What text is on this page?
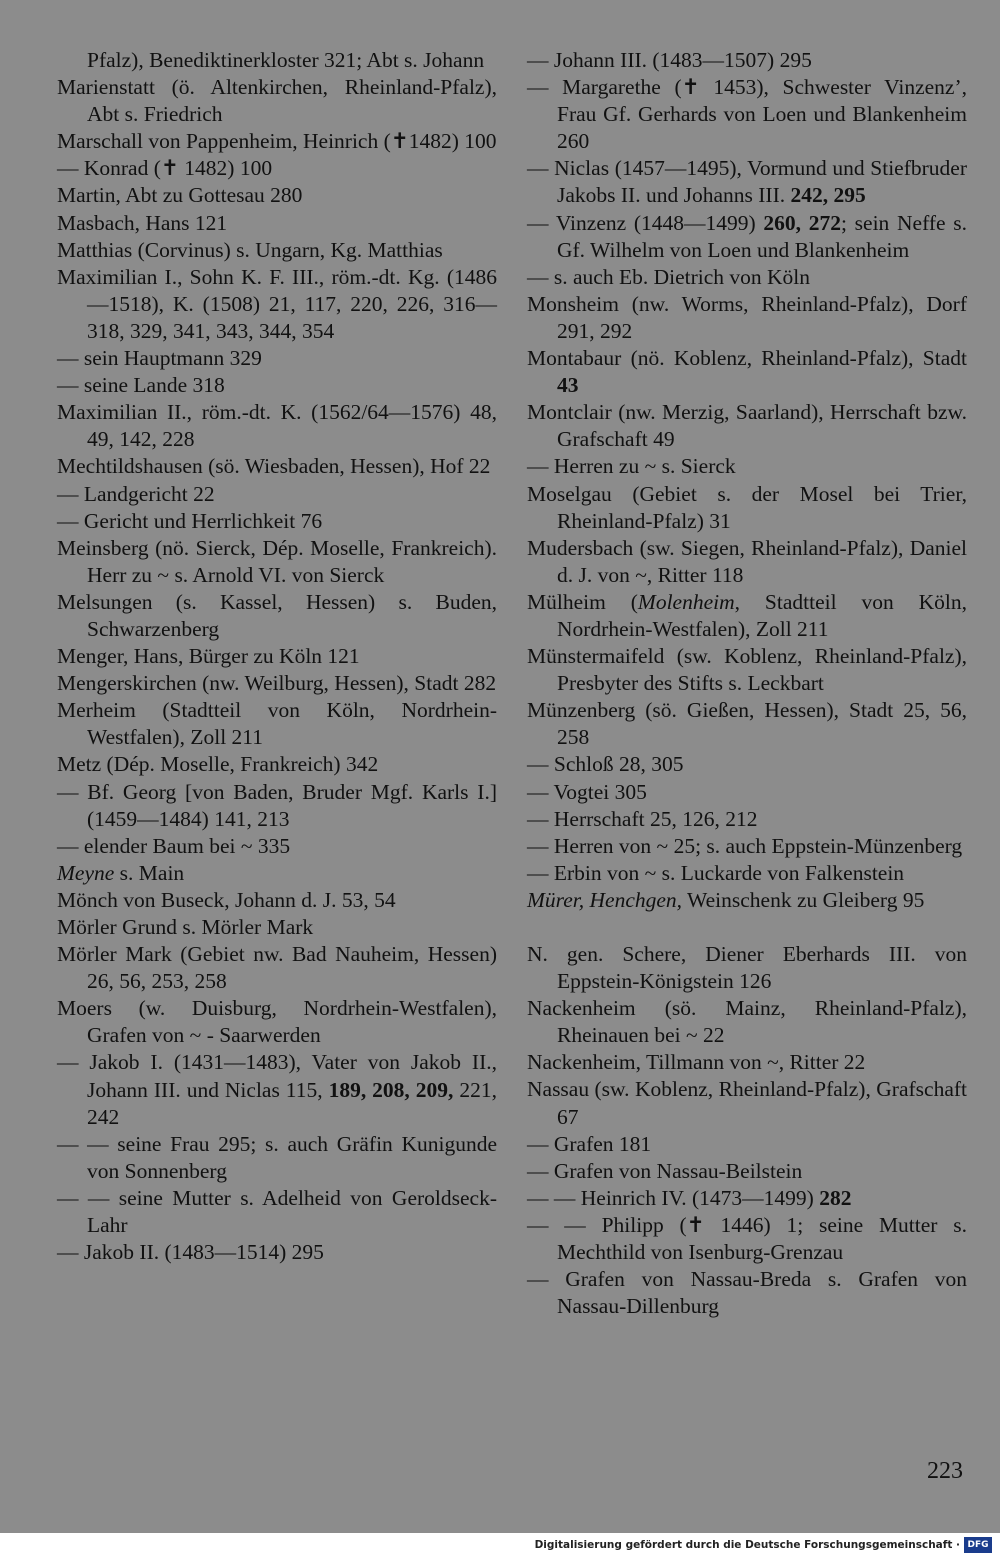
Pfalz), Benediktinerkloster 321; Abt s. Johann
Marienstatt (ö. Altenkirchen, Rheinland-Pfalz), Abt s. Friedrich
Marschall von Pappenheim, Heinrich (✝1482) 100
— Konrad (✝ 1482) 100
Martin, Abt zu Gottesau 280
Masbach, Hans 121
Matthias (Corvinus) s. Ungarn, Kg. Matthias
Maximilian I., Sohn K. F. III., röm.-dt. Kg. (1486—1518), K. (1508) 21, 117, 220, 226, 316—318, 329, 341, 343, 344, 354
— sein Hauptmann 329
— seine Lande 318
Maximilian II., röm.-dt. K. (1562/64—1576) 48, 49, 142, 228
Mechtildshausen (sö. Wiesbaden, Hessen), Hof 22
— Landgericht 22
— Gericht und Herrlichkeit 76
Meinsberg (nö. Sierck, Dép. Moselle, Frankreich). Herr zu ~ s. Arnold VI. von Sierck
Melsungen (s. Kassel, Hessen) s. Buden, Schwarzenberg
Menger, Hans, Bürger zu Köln 121
Mengerskirchen (nw. Weilburg, Hessen), Stadt 282
Merheim (Stadtteil von Köln, Nordrhein-Westfalen), Zoll 211
Metz (Dép. Moselle, Frankreich) 342
— Bf. Georg [von Baden, Bruder Mgf. Karls I.] (1459—1484) 141, 213
— elender Baum bei ~ 335
Meyne s. Main
Mönch von Buseck, Johann d. J. 53, 54
Mörler Grund s. Mörler Mark
Mörler Mark (Gebiet nw. Bad Nauheim, Hessen) 26, 56, 253, 258
Moers (w. Duisburg, Nordrhein-Westfalen), Grafen von ~ - Saarwerden
— Jakob I. (1431—1483), Vater von Jakob II., Johann III. und Niclas 115, 189, 208, 209, 221, 242
— — seine Frau 295; s. auch Gräfin Kunigunde von Sonnenberg
— — seine Mutter s. Adelheid von Geroldseck-Lahr
— Jakob II. (1483—1514) 295
— Johann III. (1483—1507) 295
— Margarethe (✝ 1453), Schwester Vinzenz’, Frau Gf. Gerhards von Loen und Blankenheim 260
— Niclas (1457—1495), Vormund und Stiefbruder Jakobs II. und Johanns III. 242, 295
— Vinzenz (1448—1499) 260, 272; sein Neffe s. Gf. Wilhelm von Loen und Blankenheim
— s. auch Eb. Dietrich von Köln
Monsheim (nw. Worms, Rheinland-Pfalz), Dorf 291, 292
Montabaur (nö. Koblenz, Rheinland-Pfalz), Stadt 43
Montclair (nw. Merzig, Saarland), Herrschaft bzw. Grafschaft 49
— Herren zu ~ s. Sierck
Moselgau (Gebiet s. der Mosel bei Trier, Rheinland-Pfalz) 31
Mudersbach (sw. Siegen, Rheinland-Pfalz), Daniel d. J. von ~, Ritter 118
Mülheim (Molenheim, Stadtteil von Köln, Nordrhein-Westfalen), Zoll 211
Münstermaifeld (sw. Koblenz, Rheinland-Pfalz), Presbyter des Stifts s. Leckbart
Münzenberg (sö. Gießen, Hessen), Stadt 25, 56, 258
— Schloß 28, 305
— Vogtei 305
— Herrschaft 25, 126, 212
— Herren von ~ 25; s. auch Eppstein-Münzenberg
— Erbin von ~ s. Luckarde von Falkenstein
Mürer, Henchgen, Weinschenk zu Gleiberg 95
N. gen. Schere, Diener Eberhards III. von Eppstein-Königstein 126
Nackenheim (sö. Mainz, Rheinland-Pfalz), Rheinauen bei ~ 22
Nackenheim, Tillmann von ~, Ritter 22
Nassau (sw. Koblenz, Rheinland-Pfalz), Grafschaft 67
— Grafen 181
— Grafen von Nassau-Beilstein
— — Heinrich IV. (1473—1499) 282
— — Philipp (✝ 1446) 1; seine Mutter s. Mechthild von Isenburg-Grenzau
— Grafen von Nassau-Breda s. Grafen von Nassau-Dillenburg
223
Digitalisierung gefördert durch die Deutsche Forschungsgemeinschaft · DFG
